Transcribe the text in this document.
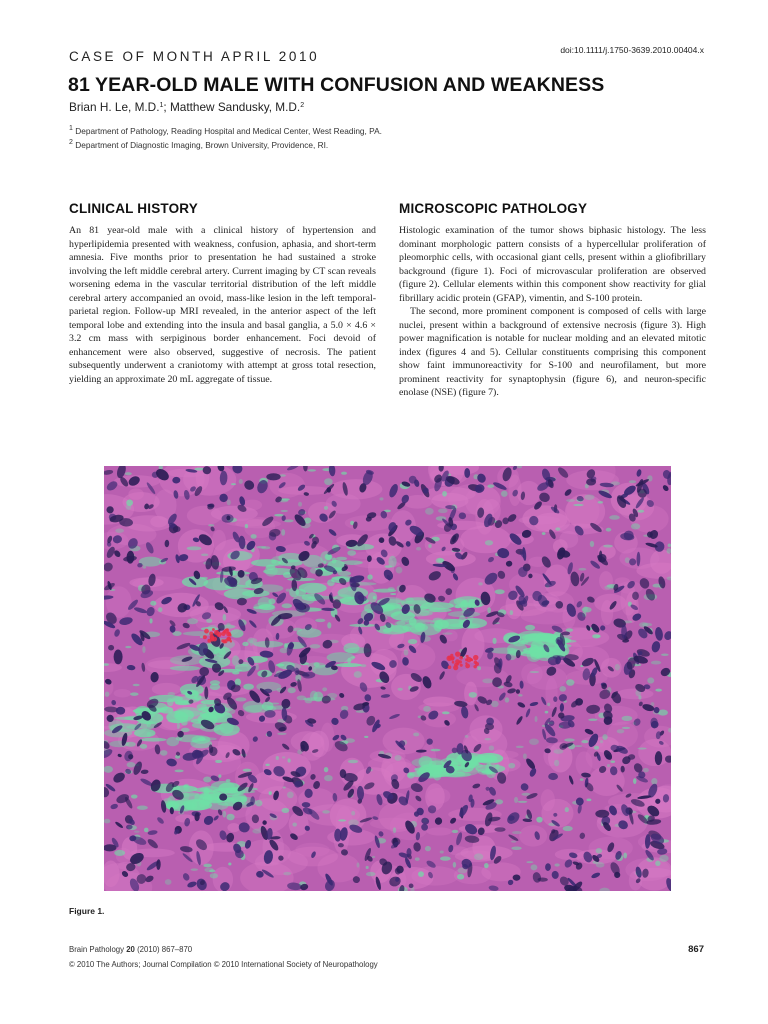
CASE OF MONTH APRIL 2010	doi:10.1111/j.1750-3639.2010.00404.x
81 YEAR-OLD MALE WITH CONFUSION AND WEAKNESS
Brian H. Le, M.D.$^1$; Matthew Sandusky, M.D.$^2$
$^1$ Department of Pathology, Reading Hospital and Medical Center, West Reading, PA.
$^2$ Department of Diagnostic Imaging, Brown University, Providence, RI.
CLINICAL HISTORY	MICROSCOPIC PATHOLOGY

An 81 year-old male with a clinical history of hypertension and hyperlipidemia presented with weakness, confusion, aphasia, and short-term amnesia. Five months prior to presentation he had sustained a stroke involving the left middle cerebral artery. Current imaging by CT scan reveals worsening edema in the vascular territorial distribution of the left middle cerebral artery accompanied an ovoid, mass-like lesion in the left temporal-parietal region. Follow-up MRI revealed, in the anterior aspect of the left temporal lobe and extending into the insula and basal ganglia, a 5.0 × 4.6 × 3.2 cm mass with serpiginous border enhancement. Foci devoid of enhancement were also observed, suggestive of necrosis. The patient subsequently underwent a craniotomy with attempt at gross total resection, yielding an approximate 20 mL aggregate of tissue.

Histologic examination of the tumor shows biphasic histology. The less dominant morphologic pattern consists of a hypercellular proliferation of pleomorphic cells, with occasional giant cells, present within a gliofibrillary background (figure 1). Foci of microvascular proliferation are observed (figure 2). Cellular elements within this component show reactivity for glial fibrillary acidic protein (GFAP), vimentin, and S-100 protein.

The second, more prominent component is composed of cells with large nuclei, present within a background of extensive necrosis (figure 3). High power magnification is notable for nuclear molding and an elevated mitotic index (figures 4 and 5). Cellular constituents comprising this component show faint immunoreactivity for S-100 and neurofilament, but more prominent reactivity for synaptophysin (figure 6), and neuron-specific enolase (NSE) (figure 7).

Figure 1.
Brain Pathology 20 (2010) 867–870
© 2010 The Authors; Journal Compilation © 2010 International Society of Neuropathology
867
